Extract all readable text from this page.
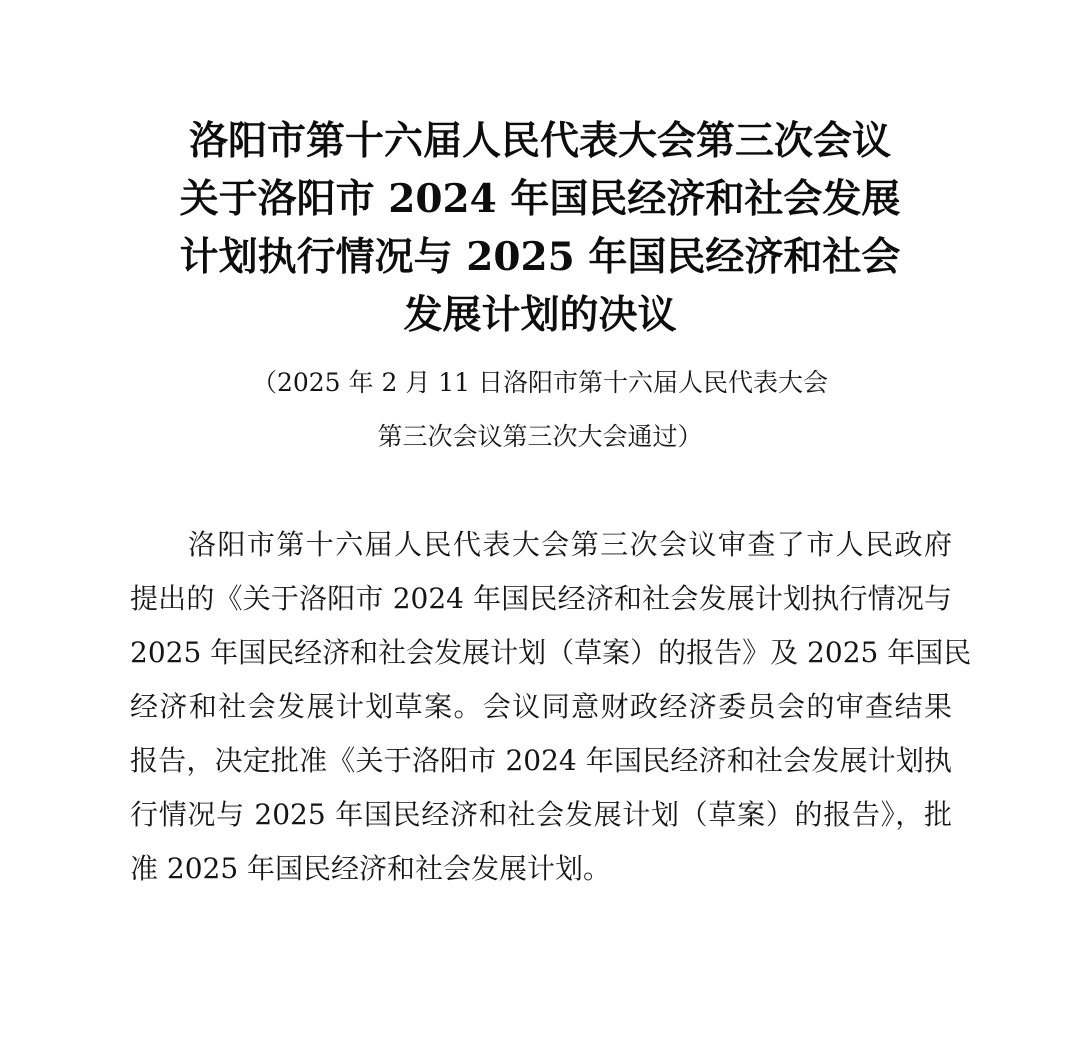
洛阳市第十六届人民代表大会第三次会议
关于洛阳市 2024 年国民经济和社会发展
计划执行情况与 2025 年国民经济和社会
发展计划的决议
（2025 年 2 月 11 日洛阳市第十六届人民代表大会
第三次会议第三次大会通过）
洛阳市第十六届人民代表大会第三次会议审查了市人民政府
提出的《关于洛阳市 2024 年国民经济和社会发展计划执行情况与
2025 年国民经济和社会发展计划（草案）的报告》及 2025 年国民
经济和社会发展计划草案。会议同意财政经济委员会的审查结果
报告，决定批准《关于洛阳市 2024 年国民经济和社会发展计划执
行情况与 2025 年国民经济和社会发展计划（草案）的报告》，批
准 2025 年国民经济和社会发展计划。
